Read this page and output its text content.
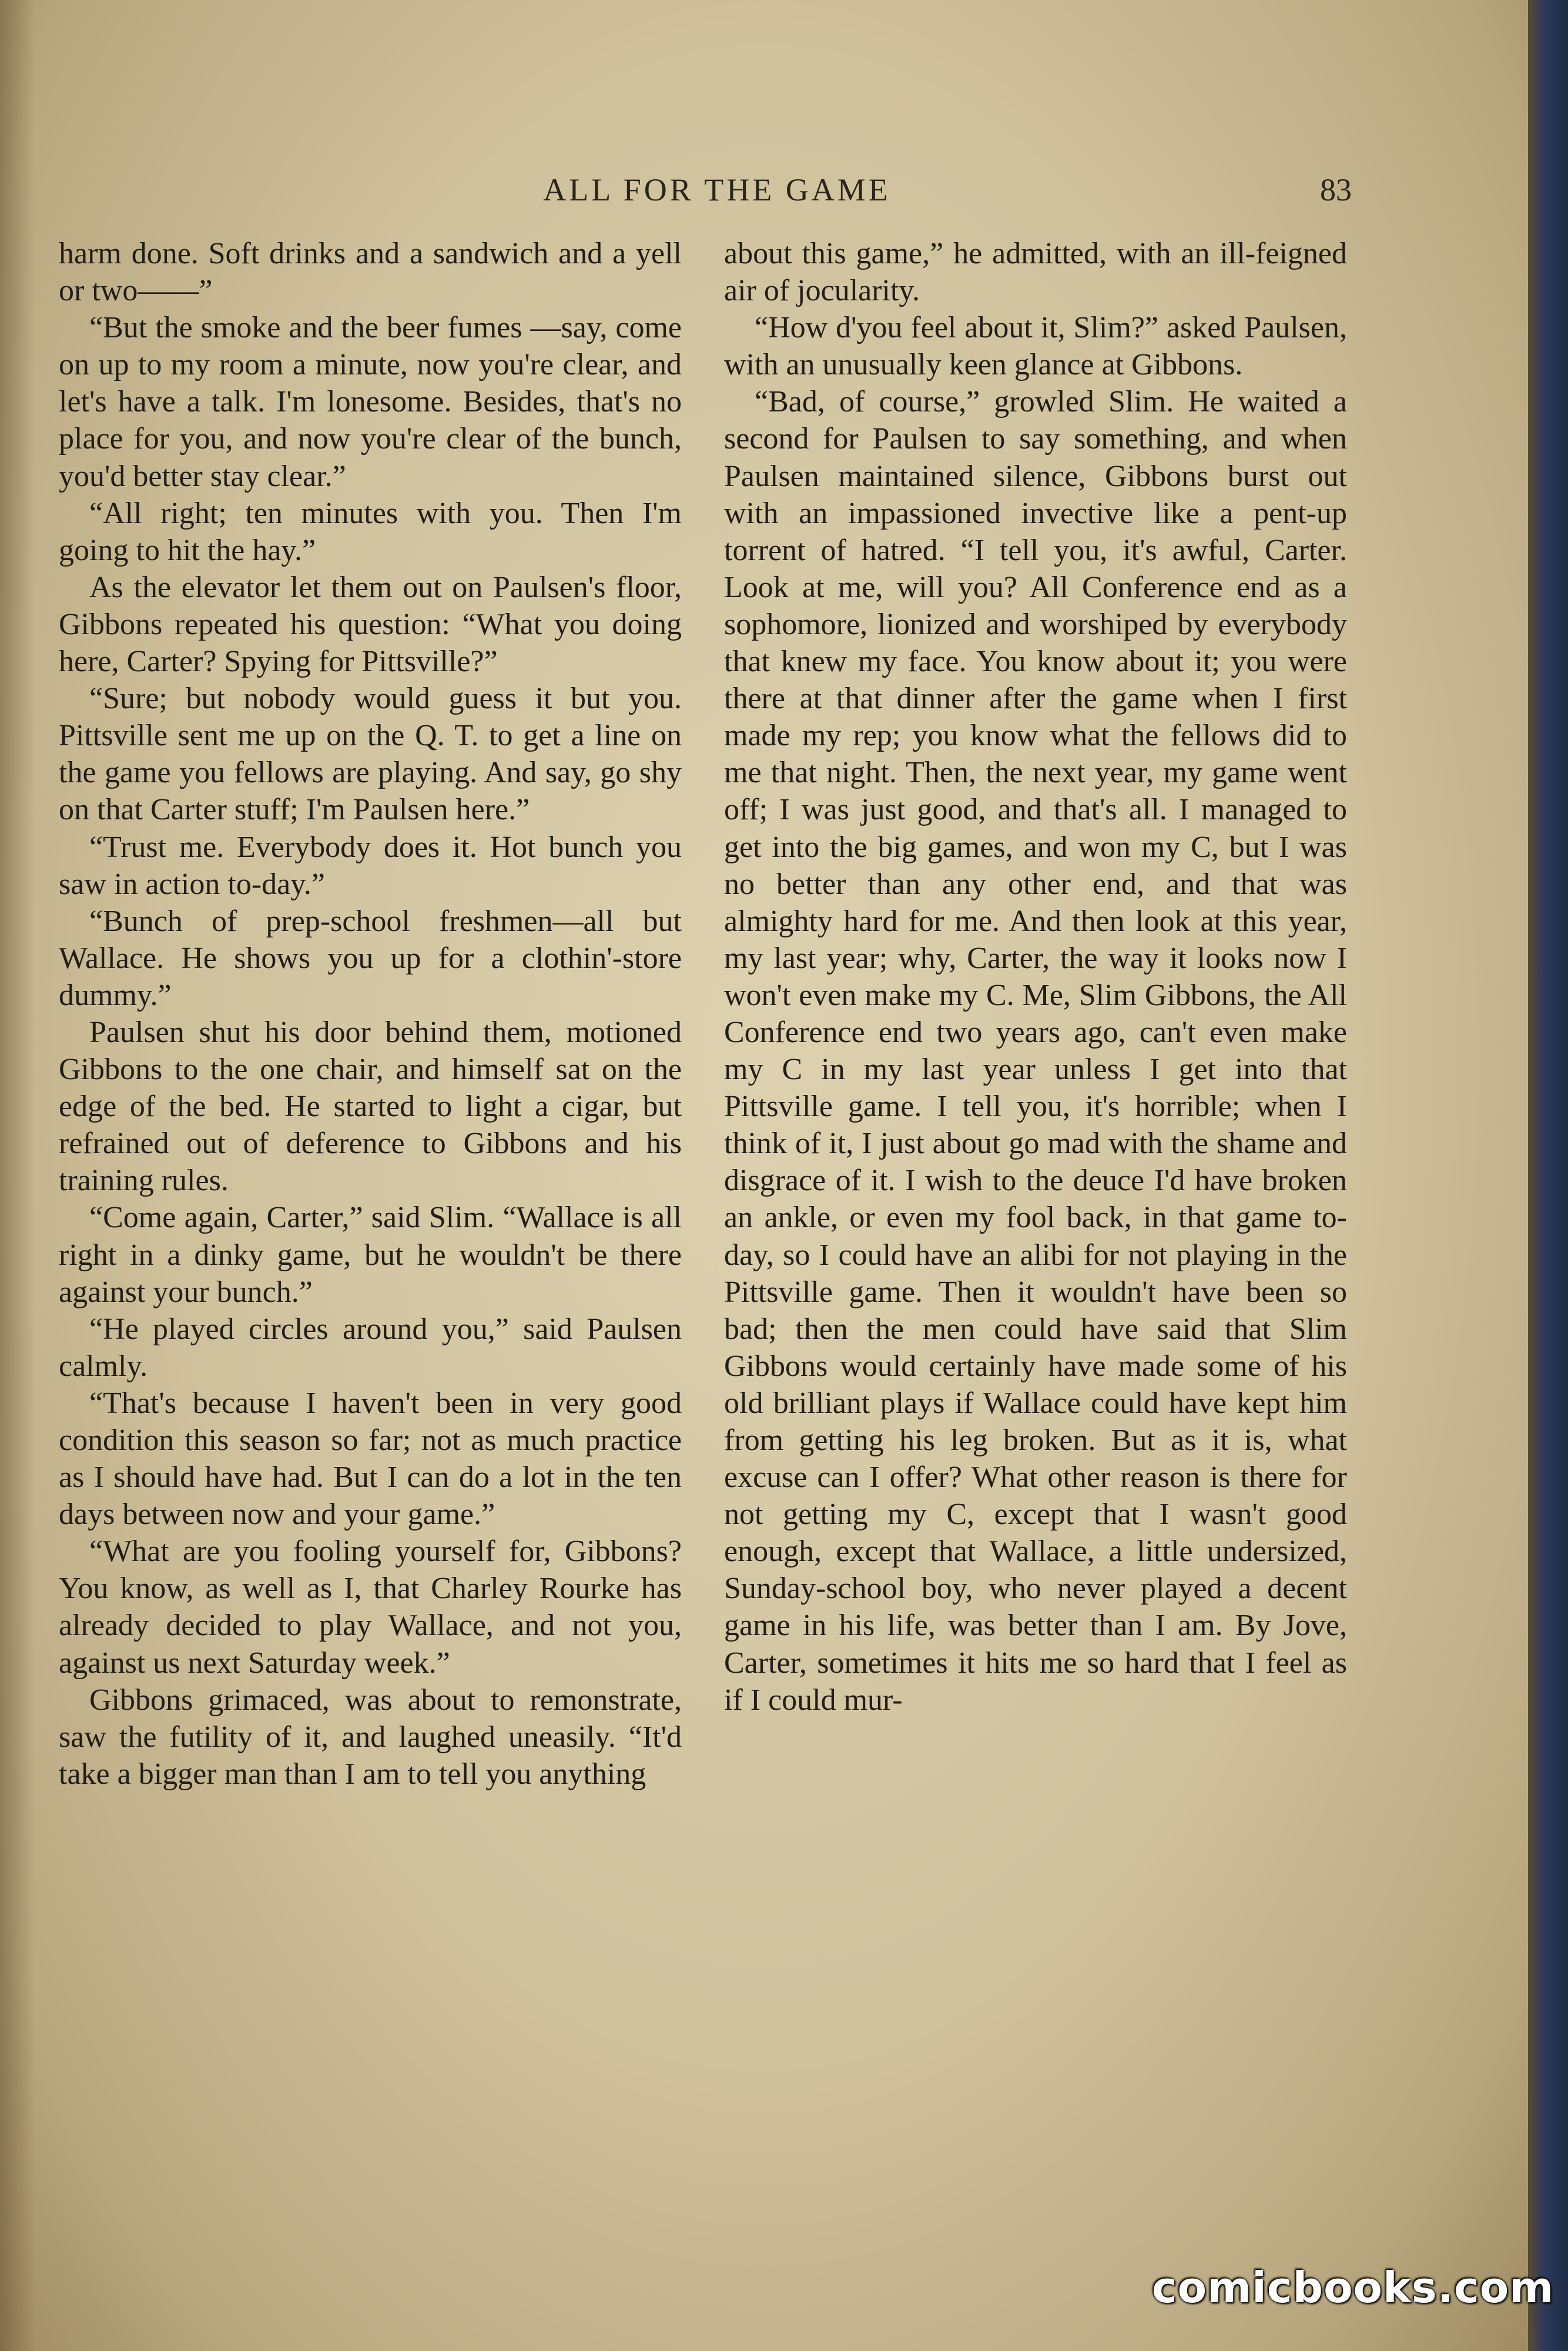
ALL FOR THE GAME	83

harm done. Soft drinks and a sandwich and a yell or two——”

“But the smoke and the beer fumes —say, come on up to my room a minute, now you're clear, and let's have a talk. I'm lonesome. Besides, that's no place for you, and now you're clear of the bunch, you'd better stay clear.”

“All right; ten minutes with you. Then I'm going to hit the hay.”

As the elevator let them out on Paulsen's floor, Gibbons repeated his question: “What you doing here, Carter? Spying for Pittsville?”

“Sure; but nobody would guess it but you. Pittsville sent me up on the Q. T. to get a line on the game you fellows are playing. And say, go shy on that Carter stuff; I'm Paulsen here.”

“Trust me. Everybody does it. Hot bunch you saw in action to-day.”

“Bunch of prep-school freshmen—all but Wallace. He shows you up for a clothin'-store dummy.”

Paulsen shut his door behind them, motioned Gibbons to the one chair, and himself sat on the edge of the bed. He started to light a cigar, but refrained out of deference to Gibbons and his training rules.

“Come again, Carter,” said Slim. “Wallace is all right in a dinky game, but he wouldn't be there against your bunch.”

“He played circles around you,” said Paulsen calmly.

“That's because I haven't been in very good condition this season so far; not as much practice as I should have had. But I can do a lot in the ten days between now and your game.”

“What are you fooling yourself for, Gibbons? You know, as well as I, that Charley Rourke has already decided to play Wallace, and not you, against us next Saturday week.”

Gibbons grimaced, was about to remonstrate, saw the futility of it, and laughed uneasily. “It'd take a bigger man than I am to tell you anything

about this game,” he admitted, with an ill-feigned air of jocularity.

“How d'you feel about it, Slim?” asked Paulsen, with an unusually keen glance at Gibbons.

“Bad, of course,” growled Slim. He waited a second for Paulsen to say something, and when Paulsen maintained silence, Gibbons burst out with an impassioned invective like a pent-up torrent of hatred. “I tell you, it's awful, Carter. Look at me, will you? All Conference end as a sophomore, lionized and worshiped by everybody that knew my face. You know about it; you were there at that dinner after the game when I first made my rep; you know what the fellows did to me that night. Then, the next year, my game went off; I was just good, and that's all. I managed to get into the big games, and won my C, but I was no better than any other end, and that was almighty hard for me. And then look at this year, my last year; why, Carter, the way it looks now I won't even make my C. Me, Slim Gibbons, the All Conference end two years ago, can't even make my C in my last year unless I get into that Pittsville game. I tell you, it's horrible; when I think of it, I just about go mad with the shame and disgrace of it. I wish to the deuce I'd have broken an ankle, or even my fool back, in that game to-day, so I could have an alibi for not playing in the Pittsville game. Then it wouldn't have been so bad; then the men could have said that Slim Gibbons would certainly have made some of his old brilliant plays if Wallace could have kept him from getting his leg broken. But as it is, what excuse can I offer? What other reason is there for not getting my C, except that I wasn't good enough, except that Wallace, a little undersized, Sunday-school boy, who never played a decent game in his life, was better than I am. By Jove, Carter, sometimes it hits me so hard that I feel as if I could mur-

comicbooks.com
